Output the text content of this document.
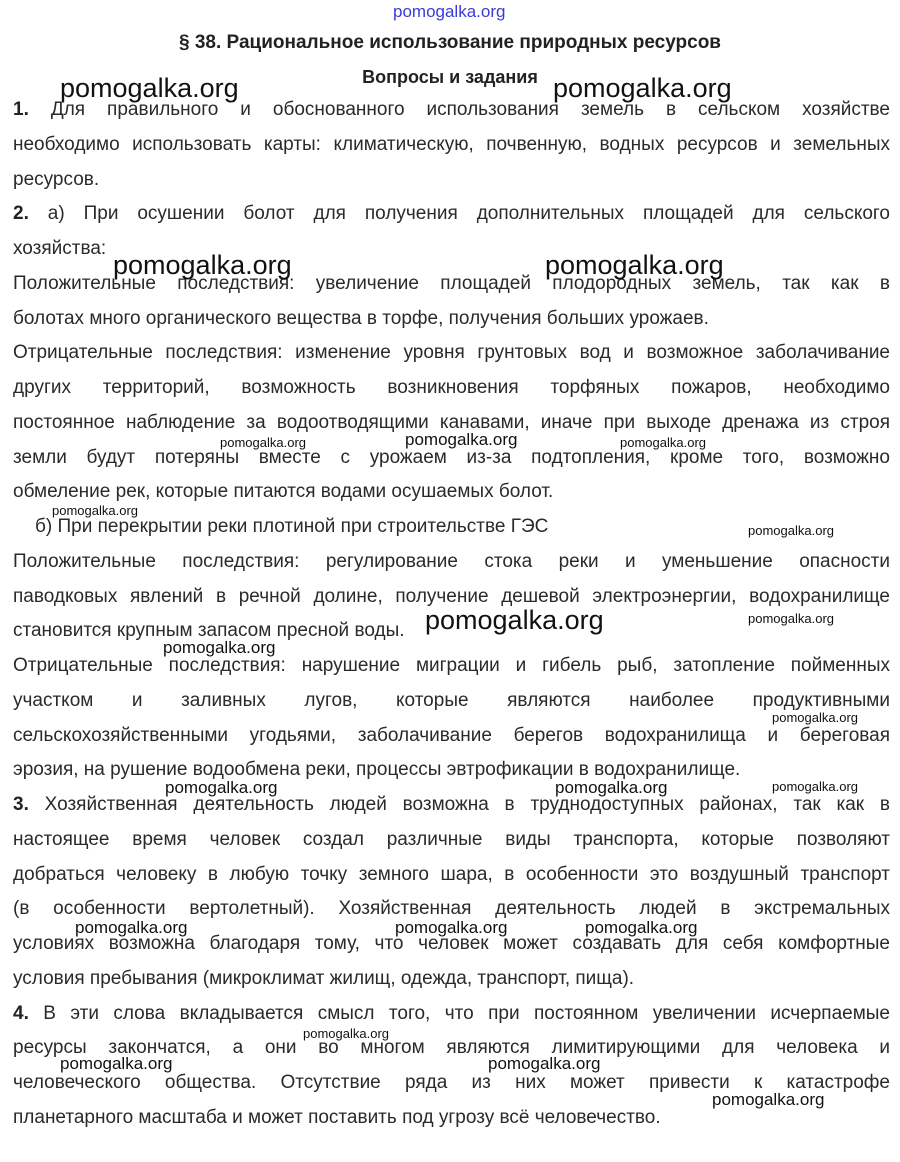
§ 38. Рациональное использование природных ресурсов
Вопросы и задания
1. Для правильного и обоснованного использования земель в сельском хозяйстве
необходимо использовать карты: климатическую, почвенную, водных ресурсов и земельных
ресурсов.
2. а) При осушении болот для получения дополнительных площадей для сельского
хозяйства:
Положительные последствия: увеличение площадей плодородных земель, так как в
болотах много органического вещества в торфе, получения больших урожаев.
Отрицательные последствия: изменение уровня грунтовых вод и возможное заболачивание
других территорий, возможность возникновения торфяных пожаров, необходимо
постоянное наблюдение за водоотводящими канавами, иначе при выходе дренажа из строя
земли будут потеряны вместе с урожаем из-за подтопления, кроме того, возможно
обмеление рек, которые питаются водами осушаемых болот.
б) При перекрытии реки плотиной при строительстве ГЭС
Положительные последствия: регулирование стока реки и уменьшение опасности
паводковых явлений в речной долине, получение дешевой электроэнергии, водохранилище
становится крупным запасом пресной воды.
Отрицательные последствия: нарушение миграции и гибель рыб, затопление пойменных
участком и заливных лугов, которые являются наиболее продуктивными
сельскохозяйственными угодьями, заболачивание берегов водохранилища и береговая
эрозия, на рушение водообмена реки, процессы эвтрофикации в водохранилище.
3. Хозяйственная деятельность людей возможна в труднодоступных районах, так как в
настоящее время человек создал различные виды транспорта, которые позволяют
добраться человеку в любую точку земного шара, в особенности это воздушный транспорт
(в особенности вертолетный). Хозяйственная деятельность людей в экстремальных
условиях возможна благодаря тому, что человек может создавать для себя комфортные
условия пребывания (микроклимат жилищ, одежда, транспорт, пища).
4. В эти слова вкладывается смысл того, что при постоянном увеличении исчерпаемые
ресурсы закончатся, а они во многом являются лимитирующими для человека и
человеческого общества. Отсутствие ряда из них может привести к катастрофе
планетарного масштаба и может поставить под угрозу всё человечество.
pomogalka.org
pomogalka.org	pomogalka.org
pomogalka.org	pomogalka.org
pomogalka.org
pomogalka.org
pomogalka.org
pomogalka.org	pomogalka.org
pomogalka.org	pomogalka.org	pomogalka.org
pomogalka.org	pomogalka.org
pomogalka.org
pomogalka.org	pomogalka.org
pomogalka.org
pomogalka.org
pomogalka.org
pomogalka.org
pomogalka.org
pomogalka.org
